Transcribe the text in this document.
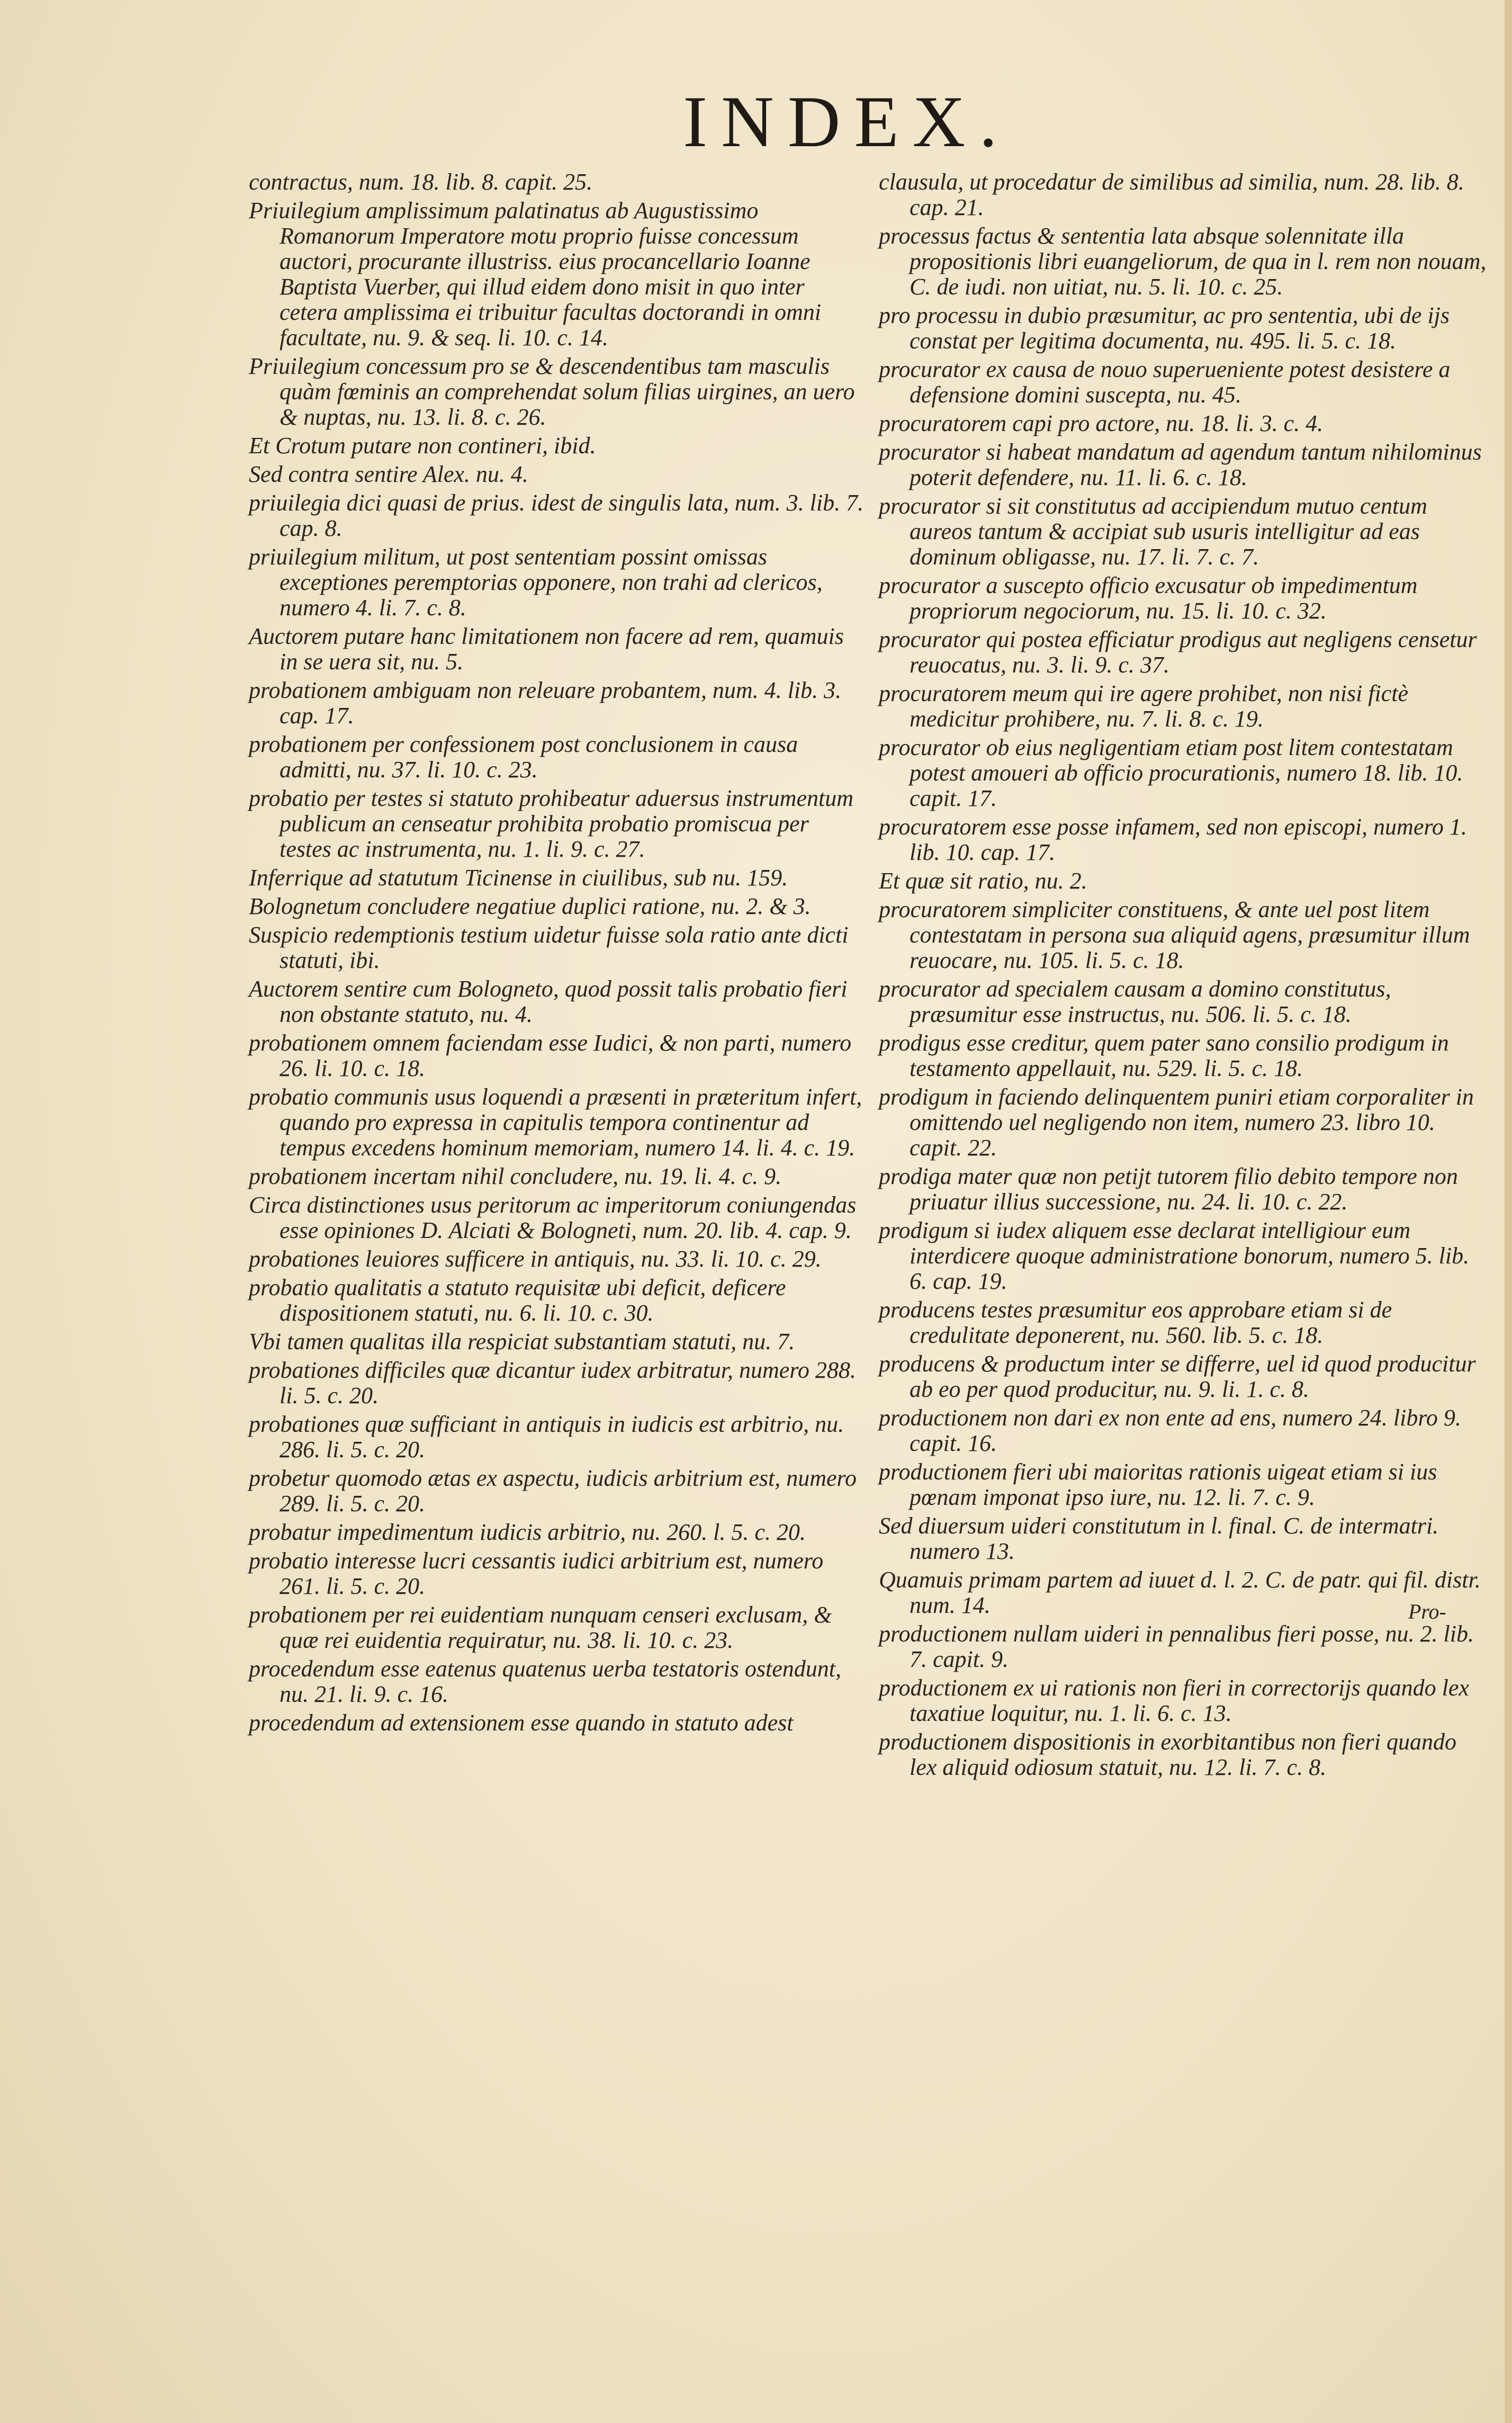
INDEX.

contractus, num. 18. lib. 8. capit. 25.

Priuilegium amplissimum palatinatus ab Augustissimo Romanorum Imperatore motu proprio fuisse concessum auctori, procurante illustriss. eius procancellario Ioanne Baptista Vuerber, qui illud eidem dono misit in quo inter cetera amplissima ei tribuitur facultas doctorandi in omni facultate, nu. 9. & seq. li. 10. c. 14.

Priuilegium concessum pro se & descendentibus tam masculis quàm fœminis an comprehendat solum filias uirgines, an uero & nuptas, nu. 13. li. 8. c. 26.

Et Crotum putare non contineri, ibid.

Sed contra sentire Alex. nu. 4.

priuilegia dici quasi de prius. idest de singulis lata, num. 3. lib. 7. cap. 8.

priuilegium militum, ut post sententiam possint omissas exceptiones peremptorias opponere, non trahi ad clericos, numero 4. li. 7. c. 8.

Auctorem putare hanc limitationem non facere ad rem, quamuis in se uera sit, nu. 5.

probationem ambiguam non releuare probantem, num. 4. lib. 3. cap. 17.

probationem per confessionem post conclusionem in causa admitti, nu. 37. li. 10. c. 23.

probatio per testes si statuto prohibeatur aduersus instrumentum publicum an censeatur prohibita probatio promiscua per testes ac instrumenta, nu. 1. li. 9. c. 27.

Inferrique ad statutum Ticinense in ciuilibus, sub nu. 159.

Bolognetum concludere negatiue duplici ratione, nu. 2. & 3.

Suspicio redemptionis testium uidetur fuisse sola ratio ante dicti statuti, ibi.

Auctorem sentire cum Bologneto, quod possit talis probatio fieri non obstante statuto, nu. 4.

probationem omnem faciendam esse Iudici, & non parti, numero 26. li. 10. c. 18.

probatio communis usus loquendi a præsenti in præteritum infert, quando pro expressa in capitulis tempora continentur ad tempus excedens hominum memoriam, numero 14. li. 4. c. 19.

probationem incertam nihil concludere, nu. 19. li. 4. c. 9.

Circa distinctiones usus peritorum ac imperitorum coniungendas esse opiniones D. Alciati & Bologneti, num. 20. lib. 4. cap. 9.

probationes leuiores sufficere in antiquis, nu. 33. li. 10. c. 29.

probatio qualitatis a statuto requisitæ ubi deficit, deficere dispositionem statuti, nu. 6. li. 10. c. 30.

Vbi tamen qualitas illa respiciat substantiam statuti, nu. 7.

probationes difficiles quæ dicantur iudex arbitratur, numero 288. li. 5. c. 20.

probationes quæ sufficiant in antiquis in iudicis est arbitrio, nu. 286. li. 5. c. 20.

probetur quomodo ætas ex aspectu, iudicis arbitrium est, numero 289. li. 5. c. 20.

probatur impedimentum iudicis arbitrio, nu. 260. l. 5. c. 20.

probatio interesse lucri cessantis iudici arbitrium est, numero 261. li. 5. c. 20.

probationem per rei euidentiam nunquam censeri exclusam, & quæ rei euidentia requiratur, nu. 38. li. 10. c. 23.

procedendum esse eatenus quatenus uerba testatoris ostendunt, nu. 21. li. 9. c. 16.

procedendum ad extensionem esse quando in statuto adest

clausula, ut procedatur de similibus ad similia, num. 28. lib. 8. cap. 21.

processus factus & sententia lata absque solennitate illa propositionis libri euangeliorum, de qua in l. rem non nouam, C. de iudi. non uitiat, nu. 5. li. 10. c. 25.

pro processu in dubio præsumitur, ac pro sententia, ubi de ijs constat per legitima documenta, nu. 495. li. 5. c. 18.

procurator ex causa de nouo superueniente potest desistere a defensione domini suscepta, nu. 45.

procuratorem capi pro actore, nu. 18. li. 3. c. 4.

procurator si habeat mandatum ad agendum tantum nihilominus poterit defendere, nu. 11. li. 6. c. 18.

procurator si sit constitutus ad accipiendum mutuo centum aureos tantum & accipiat sub usuris intelligitur ad eas dominum obligasse, nu. 17. li. 7. c. 7.

procurator a suscepto officio excusatur ob impedimentum propriorum negociorum, nu. 15. li. 10. c. 32.

procurator qui postea efficiatur prodigus aut negligens censetur reuocatus, nu. 3. li. 9. c. 37.

procuratorem meum qui ire agere prohibet, non nisi fictè medicitur prohibere, nu. 7. li. 8. c. 19.

procurator ob eius negligentiam etiam post litem contestatam potest amoueri ab officio procurationis, numero 18. lib. 10. capit. 17.

procuratorem esse posse infamem, sed non episcopi, numero 1. lib. 10. cap. 17.

Et quæ sit ratio, nu. 2.

procuratorem simpliciter constituens, & ante uel post litem contestatam in persona sua aliquid agens, præsumitur illum reuocare, nu. 105. li. 5. c. 18.

procurator ad specialem causam a domino constitutus, præsumitur esse instructus, nu. 506. li. 5. c. 18.

prodigus esse creditur, quem pater sano consilio prodigum in testamento appellauit, nu. 529. li. 5. c. 18.

prodigum in faciendo delinquentem puniri etiam corporaliter in omittendo uel negligendo non item, numero 23. libro 10. capit. 22.

prodiga mater quæ non petijt tutorem filio debito tempore non priuatur illius successione, nu. 24. li. 10. c. 22.

prodigum si iudex aliquem esse declarat intelligiour eum interdicere quoque administratione bonorum, numero 5. lib. 6. cap. 19.

producens testes præsumitur eos approbare etiam si de credulitate deponerent, nu. 560. lib. 5. c. 18.

producens & productum inter se differre, uel id quod producitur ab eo per quod producitur, nu. 9. li. 1. c. 8.

productionem non dari ex non ente ad ens, numero 24. libro 9. capit. 16.

productionem fieri ubi maioritas rationis uigeat etiam si ius pœnam imponat ipso iure, nu. 12. li. 7. c. 9.

Sed diuersum uideri constitutum in l. final. C. de intermatri. numero 13.

Quamuis primam partem ad iuuet d. l. 2. C. de patr. qui fil. distr. num. 14.

productionem nullam uideri in pennalibus fieri posse, nu. 2. lib. 7. capit. 9.

productionem ex ui rationis non fieri in correctorijs quando lex taxatiue loquitur, nu. 1. li. 6. c. 13.

productionem dispositionis in exorbitantibus non fieri quando lex aliquid odiosum statuit, nu. 12. li. 7. c. 8.

Pro-
